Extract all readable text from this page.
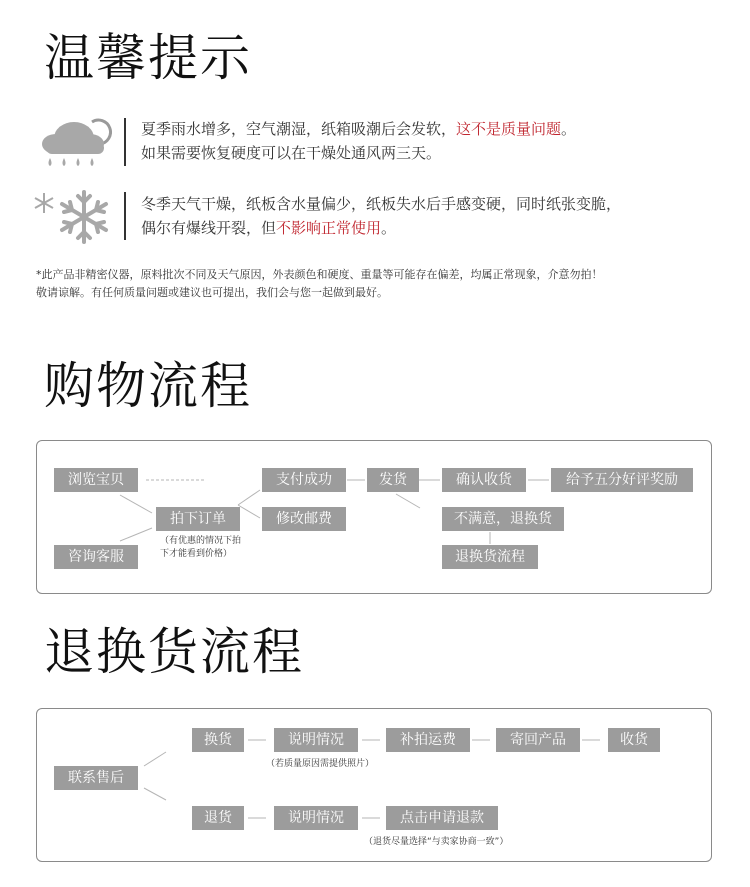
温馨提示
夏季雨水增多，空气潮湿，纸箱吸潮后会发软，这不是质量问题。
如果需要恢复硬度可以在干燥处通风两三天。
冬季天气干燥，纸板含水量偏少，纸板失水后手感变硬，同时纸张变脆，
偶尔有爆线开裂，但不影响正常使用。
*此产品非精密仪器，原料批次不同及天气原因，外表颜色和硬度、重量等可能存在偏差，均属正常现象，介意勿拍！
敬请谅解。有任何质量问题或建议也可提出，我们会与您一起做到最好。
购物流程
浏览宝贝
咨询客服
拍下订单
（有优惠的情况下拍
下才能看到价格）
支付成功
修改邮费
发货	确认收货	给予五分好评奖励
不满意，退换货
退换货流程
退换货流程
联系售后
换货	说明情况
（若质量原因需提供照片）
补拍运费	寄回产品	收货
退货	说明情况	点击申请退款
（退货尽量选择“与卖家协商一致”）
